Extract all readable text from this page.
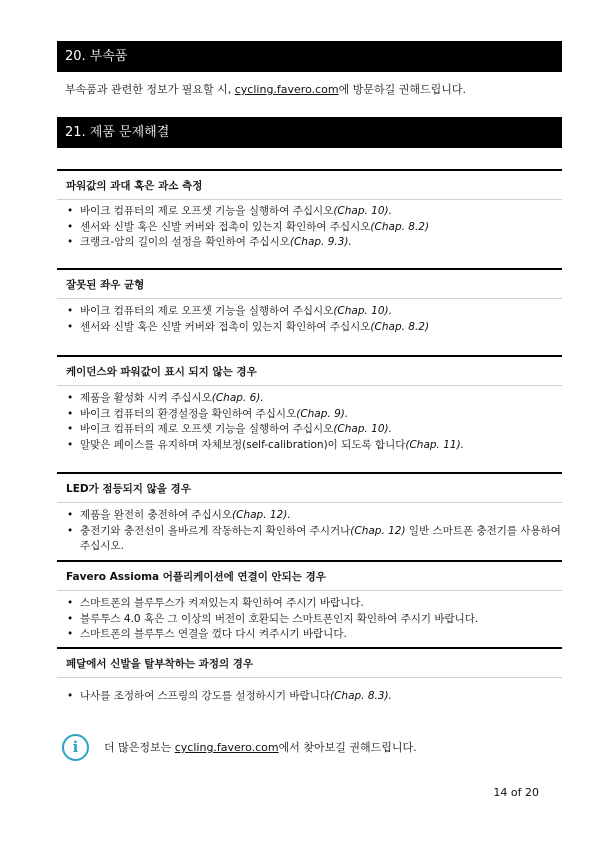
20. 부속품
부속품과 관련한 정보가 필요할 시, cycling.favero.com에 방문하길 권해드립니다.
21. 제품 문제해결
파워값의 과대 혹은 과소 측정
• 바이크 컴퓨터의 제로 오프셋 기능을 실행하여 주십시오(Chap. 10).
• 센서와 신발 혹은 신발 커버와 접촉이 있는지 확인하여 주십시오(Chap. 8.2)
• 크랭크-암의 길이의 설정을 확인하여 주십시오(Chap. 9.3).
잘못된 좌우 균형
• 바이크 컴퓨터의 제로 오프셋 기능을 실행하여 주십시오(Chap. 10).
• 센서와 신발 혹은 신발 커버와 접촉이 있는지 확인하여 주십시오(Chap. 8.2)
케이던스와 파워값이 표시 되지 않는 경우
• 제품을 활성화 시켜 주십시오(Chap. 6).
• 바이크 컴퓨터의 환경설정을 확인하여 주십시오(Chap. 9).
• 바이크 컴퓨터의 제로 오프셋 기능을 실행하여 주십시오(Chap. 10).
• 알맞은 페이스를 유지하며 자체보정(self-calibration)이 되도록 합니다(Chap. 11).
LED가 점등되지 않을 경우
• 제품을 완전히 충전하여 주십시오(Chap. 12).
• 충전기와 충전선이 올바르게 작동하는지 확인하여 주시거나(Chap. 12) 일반 스마트폰 충전기를 사용하여 주십시오.
Favero Assioma 어플리케이션에 연결이 안되는 경우
• 스마트폰의 블루투스가 켜져있는지 확인하여 주시기 바랍니다.
• 블루투스 4.0 혹은 그 이상의 버전이 호환되는 스마트폰인지 확인하여 주시기 바랍니다.
• 스마트폰의 블루투스 연결을 껐다 다시 켜주시기 바랍니다.
페달에서 신발을 탈부착하는 과정의 경우
• 나사를 조정하여 스프링의 강도를 설정하시기 바랍니다(Chap. 8.3).
i	더 많은정보는 cycling.favero.com에서 찾아보길 권해드립니다.
14 of 20
